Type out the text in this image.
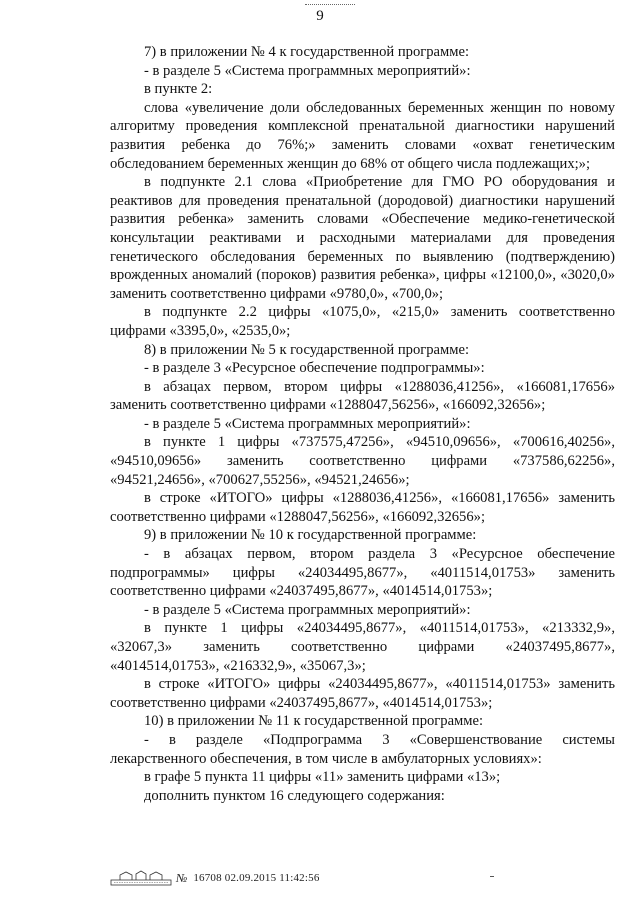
9

7) в приложении № 4 к государственной программе:

- в разделе 5 «Система программных мероприятий»:

в пункте 2:

слова «увеличение доли обследованных беременных женщин по новому алгоритму проведения комплексной пренатальной диагностики нарушений развития ребенка до 76%;» заменить словами «охват генетическим обследованием беременных женщин до 68% от общего числа подлежащих;»;

в подпункте 2.1 слова «Приобретение для ГМО РО оборудования и реактивов для проведения пренатальной (дородовой) диагностики нарушений развития ребенка» заменить словами «Обеспечение медико-генетической консультации реактивами и расходными материалами для проведения генетического обследования беременных по выявлению (подтверждению) врожденных аномалий (пороков) развития ребенка», цифры «12100,0», «3020,0» заменить соответственно цифрами «9780,0», «700,0»;

в подпункте 2.2 цифры «1075,0», «215,0» заменить соответственно цифрами «3395,0», «2535,0»;

8) в приложении № 5 к государственной программе:

- в разделе 3 «Ресурсное обеспечение подпрограммы»:

в абзацах первом, втором цифры «1288036,41256», «166081,17656» заменить соответственно цифрами «1288047,56256», «166092,32656»;

- в разделе 5 «Система программных мероприятий»:

в пункте 1 цифры «737575,47256», «94510,09656», «700616,40256», «94510,09656» заменить соответственно цифрами «737586,62256», «94521,24656», «700627,55256», «94521,24656»;

в строке «ИТОГО» цифры «1288036,41256», «166081,17656» заменить соответственно цифрами «1288047,56256», «166092,32656»;

9) в приложении № 10 к государственной программе:

- в абзацах первом, втором раздела 3 «Ресурсное обеспечение подпрограммы» цифры «24034495,8677», «4011514,01753» заменить соответственно цифрами «24037495,8677», «4014514,01753»;

- в разделе 5 «Система программных мероприятий»:

в пункте 1 цифры «24034495,8677», «4011514,01753», «213332,9», «32067,3» заменить соответственно цифрами «24037495,8677», «4014514,01753», «216332,9», «35067,3»;

в строке «ИТОГО» цифры «24034495,8677», «4011514,01753» заменить соответственно цифрами «24037495,8677», «4014514,01753»;

10) в приложении № 11 к государственной программе:

- в разделе «Подпрограмма 3 «Совершенствование системы лекарственного обеспечения, в том числе в амбулаторных условиях»:

в графе 5 пункта 11 цифры «11» заменить цифрами «13»;

дополнить пунктом 16 следующего содержания:

№ 16708 02.09.2015 11:42:56
